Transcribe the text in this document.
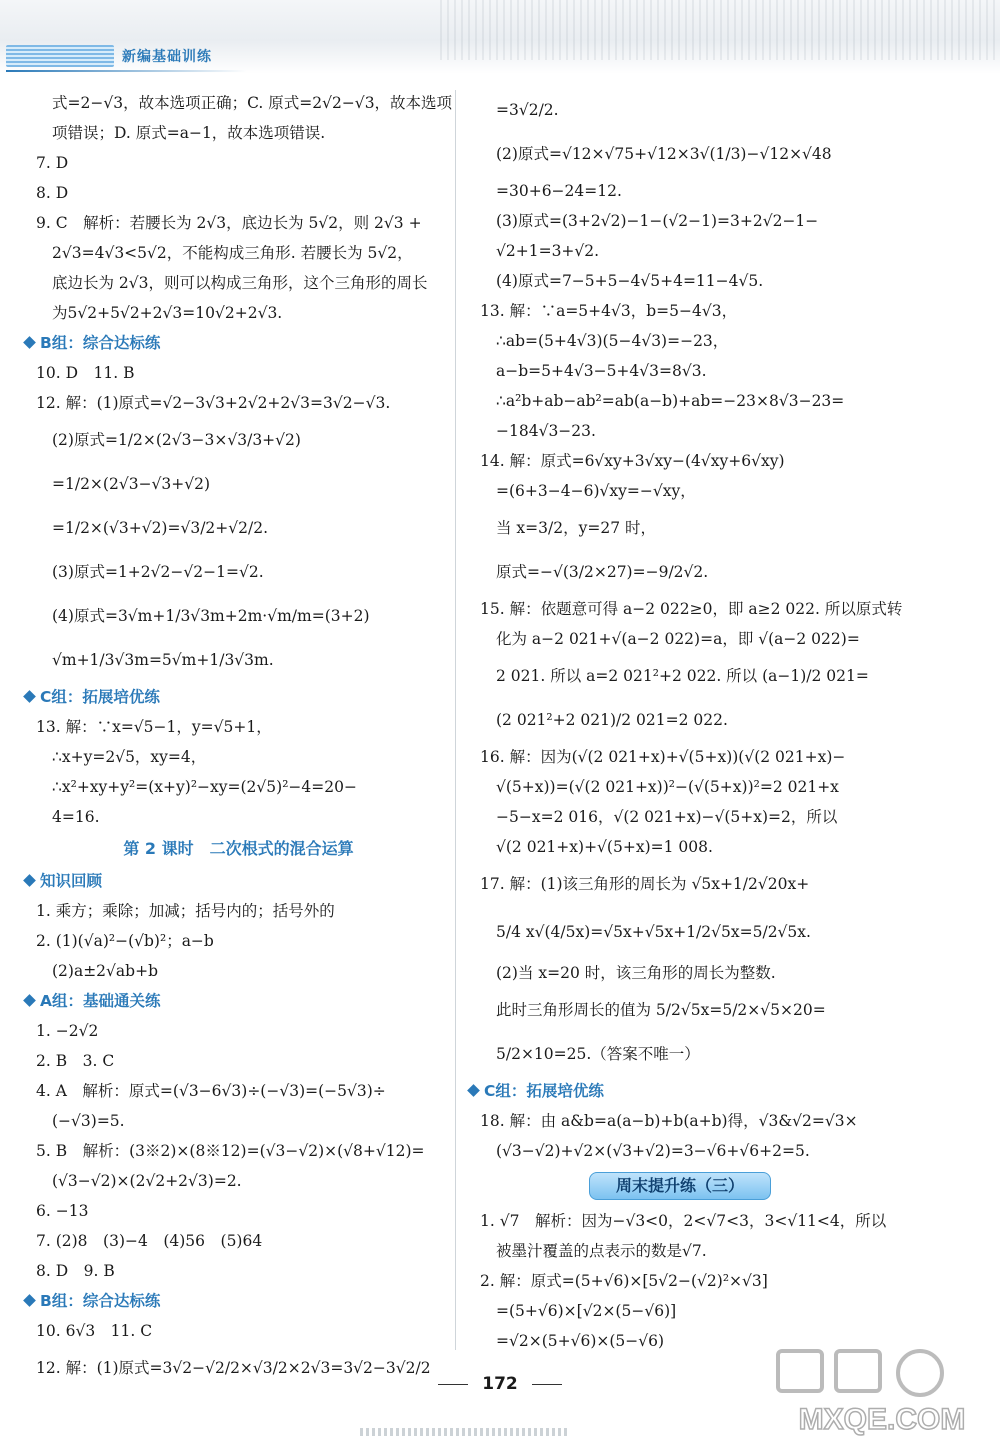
新编基础训练
式=2−√3，故本选项正确；C. 原式=2√2−√3，故本选项
项错误；D. 原式=a−1，故本选项错误.
7. D
8. D
9. C　解析：若腰长为 2√3，底边长为 5√2，则 2√3 +
2√3=4√3<5√2，不能构成三角形. 若腰长为 5√2，
底边长为 2√3，则可以构成三角形，这个三角形的周长
为5√2+5√2+2√3=10√2+2√3.
B组：综合达标练
10. D　11. B
12. 解：(1)原式=√2−3√3+2√2+2√3=3√2−√3.
(2)原式=1/2×(2√3−3×√3/3+√2)
=1/2×(2√3−√3+√2)
=1/2×(√3+√2)=√3/2+√2/2.
(3)原式=1+2√2−√2−1=√2.
(4)原式=3√m+1/3√3m+2m·√m/m=(3+2)
√m+1/3√3m=5√m+1/3√3m.
C组：拓展培优练
13. 解：∵x=√5−1，y=√5+1，
∴x+y=2√5，xy=4，
∴x²+xy+y²=(x+y)²−xy=(2√5)²−4=20−
4=16.
第 2 课时　二次根式的混合运算
知识回顾
1. 乘方；乘除；加减；括号内的；括号外的
2. (1)(√a)²−(√b)²；a−b
(2)a±2√ab+b
A组：基础通关练
1. −2√2
2. B　3. C
4. A　解析：原式=(√3−6√3)÷(−√3)=(−5√3)÷
(−√3)=5.
5. B　解析：(3※2)×(8※12)=(√3−√2)×(√8+√12)=
(√3−√2)×(2√2+2√3)=2.
6. −13
7. (2)8　(3)−4　(4)56　(5)64
8. D　9. B
B组：综合达标练
10. 6√3　11. C
12. 解：(1)原式=3√2−√2/2×√3/2×2√3=3√2−3√2/2
=3√2/2.
(2)原式=√12×√75+√12×3√(1/3)−√12×√48
=30+6−24=12.
(3)原式=(3+2√2)−1−(√2−1)=3+2√2−1−
√2+1=3+√2.
(4)原式=7−5+5−4√5+4=11−4√5.
13. 解：∵a=5+4√3，b=5−4√3，
∴ab=(5+4√3)(5−4√3)=−23，
a−b=5+4√3−5+4√3=8√3.
∴a²b+ab−ab²=ab(a−b)+ab=−23×8√3−23=
−184√3−23.
14. 解：原式=6√xy+3√xy−(4√xy+6√xy)
=(6+3−4−6)√xy=−√xy，
当 x=3/2，y=27 时，
原式=−√(3/2×27)=−9/2√2.
15. 解：依题意可得 a−2 022≥0，即 a≥2 022. 所以原式转
化为 a−2 021+√(a−2 022)=a，即 √(a−2 022)=
2 021. 所以 a=2 021²+2 022. 所以 (a−1)/2 021=
(2 021²+2 021)/2 021=2 022.
16. 解：因为(√(2 021+x)+√(5+x))(√(2 021+x)−
√(5+x))=(√(2 021+x))²−(√(5+x))²=2 021+x
−5−x=2 016，√(2 021+x)−√(5+x)=2，所以
√(2 021+x)+√(5+x)=1 008.
17. 解：(1)该三角形的周长为 √5x+1/2√20x+
5/4 x√(4/5x)=√5x+√5x+1/2√5x=5/2√5x.
(2)当 x=20 时，该三角形的周长为整数.
此时三角形周长的值为 5/2√5x=5/2×√5×20=
5/2×10=25.（答案不唯一）
C组：拓展培优练
18. 解：由 a&b=a(a−b)+b(a+b)得，√3&√2=√3×
(√3−√2)+√2×(√3+√2)=3−√6+√6+2=5.
周末提升练（三）
1. √7　解析：因为−√3<0，2<√7<3，3<√11<4，所以
被墨汁覆盖的点表示的数是√7.
2. 解：原式=(5+√6)×[5√2−(√2)²×√3]
=(5+√6)×[√2×(5−√6)]
=√2×(5+√6)×(5−√6)
172
MXQE.COM
